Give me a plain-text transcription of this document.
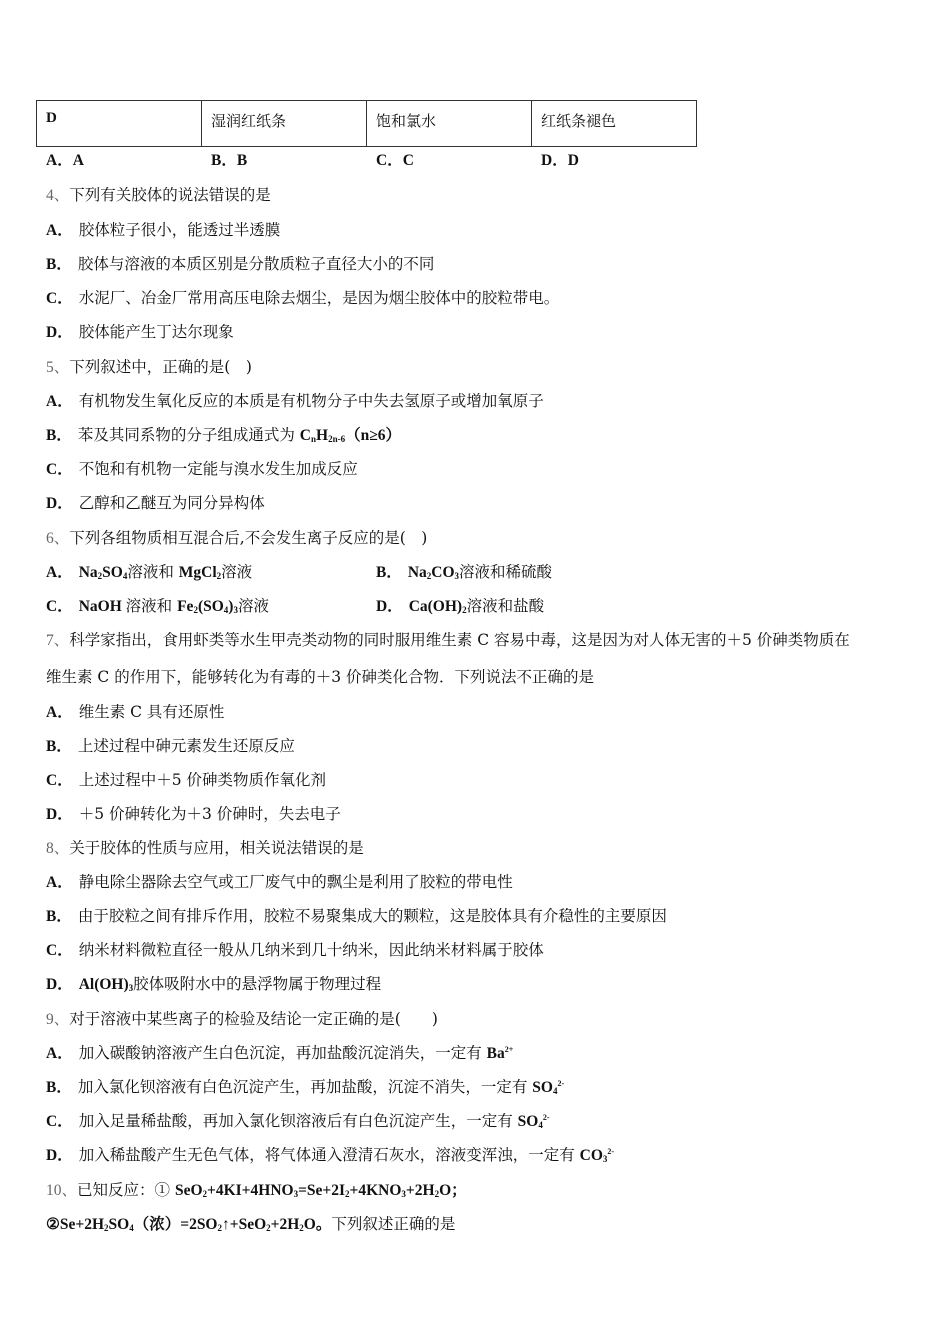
D	湿润红纸条	饱和氯水	红纸条褪色
A．A	B．B	C．C	D．D
4、下列有关胶体的说法错误的是
A． 胶体粒子很小，能透过半透膜
B． 胶体与溶液的本质区别是分散质粒子直径大小的不同
C． 水泥厂、冶金厂常用高压电除去烟尘，是因为烟尘胶体中的胶粒带电。
D． 胶体能产生丁达尔现象
5、下列叙述中，正确的是(　)
A． 有机物发生氧化反应的本质是有机物分子中失去氢原子或增加氧原子
B． 苯及其同系物的分子组成通式为 $C_nH_{2n-6}(n\ge 6)$
C． 不饱和有机物一定能与溴水发生加成反应
D． 乙醇和乙醚互为同分异构体
6、下列各组物质相互混合后,不会发生离子反应的是(　)
A． $Na_2SO_4$溶液和 MgCl$_2$溶液	B． $Na_2CO_3$溶液和稀硫酸
C． NaOH 溶液和 $Fe_2(SO_4)_3$溶液	D． $Ca(OH)_2$溶液和盐酸
7、科学家指出，食用虾类等水生甲壳类动物的同时服用维生素 C 容易中毒，这是因为对人体无害的＋5 价砷类物质在
维生素 C 的作用下，能够转化为有毒的＋3 价砷类化合物．下列说法不正确的是
A． 维生素 C 具有还原性
B． 上述过程中砷元素发生还原反应
C． 上述过程中＋5 价砷类物质作氧化剂
D． ＋5 价砷转化为＋3 价砷时，失去电子
8、关于胶体的性质与应用，相关说法错误的是
A． 静电除尘器除去空气或工厂废气中的飘尘是利用了胶粒的带电性
B． 由于胶粒之间有排斥作用，胶粒不易聚集成大的颗粒，这是胶体具有介稳性的主要原因
C． 纳米材料微粒直径一般从几纳米到几十纳米，因此纳米材料属于胶体
D． $Al(OH)_3$胶体吸附水中的悬浮物属于物理过程
9、对于溶液中某些离子的检验及结论一定正确的是(　　)
A． 加入碳酸钠溶液产生白色沉淀，再加盐酸沉淀消失，一定有 $Ba^{2+}$
B． 加入氯化钡溶液有白色沉淀产生，再加盐酸，沉淀不消失，一定有 $SO_4^{2-}$
C． 加入足量稀盐酸，再加入氯化钡溶液后有白色沉淀产生，一定有 $SO_4^{2-}$
D． 加入稀盐酸产生无色气体，将气体通入澄清石灰水，溶液变浑浊，一定有 $CO_3^{2-}$
10、已知反应：① $SeO_2+4KI+4HNO_3=Se+2I_2+4KNO_3+2H_2O$；
$②Se+2H_2SO_4$（浓）$=2SO_2↑+SeO_2+2H_2O$。下列叙述正确的是
